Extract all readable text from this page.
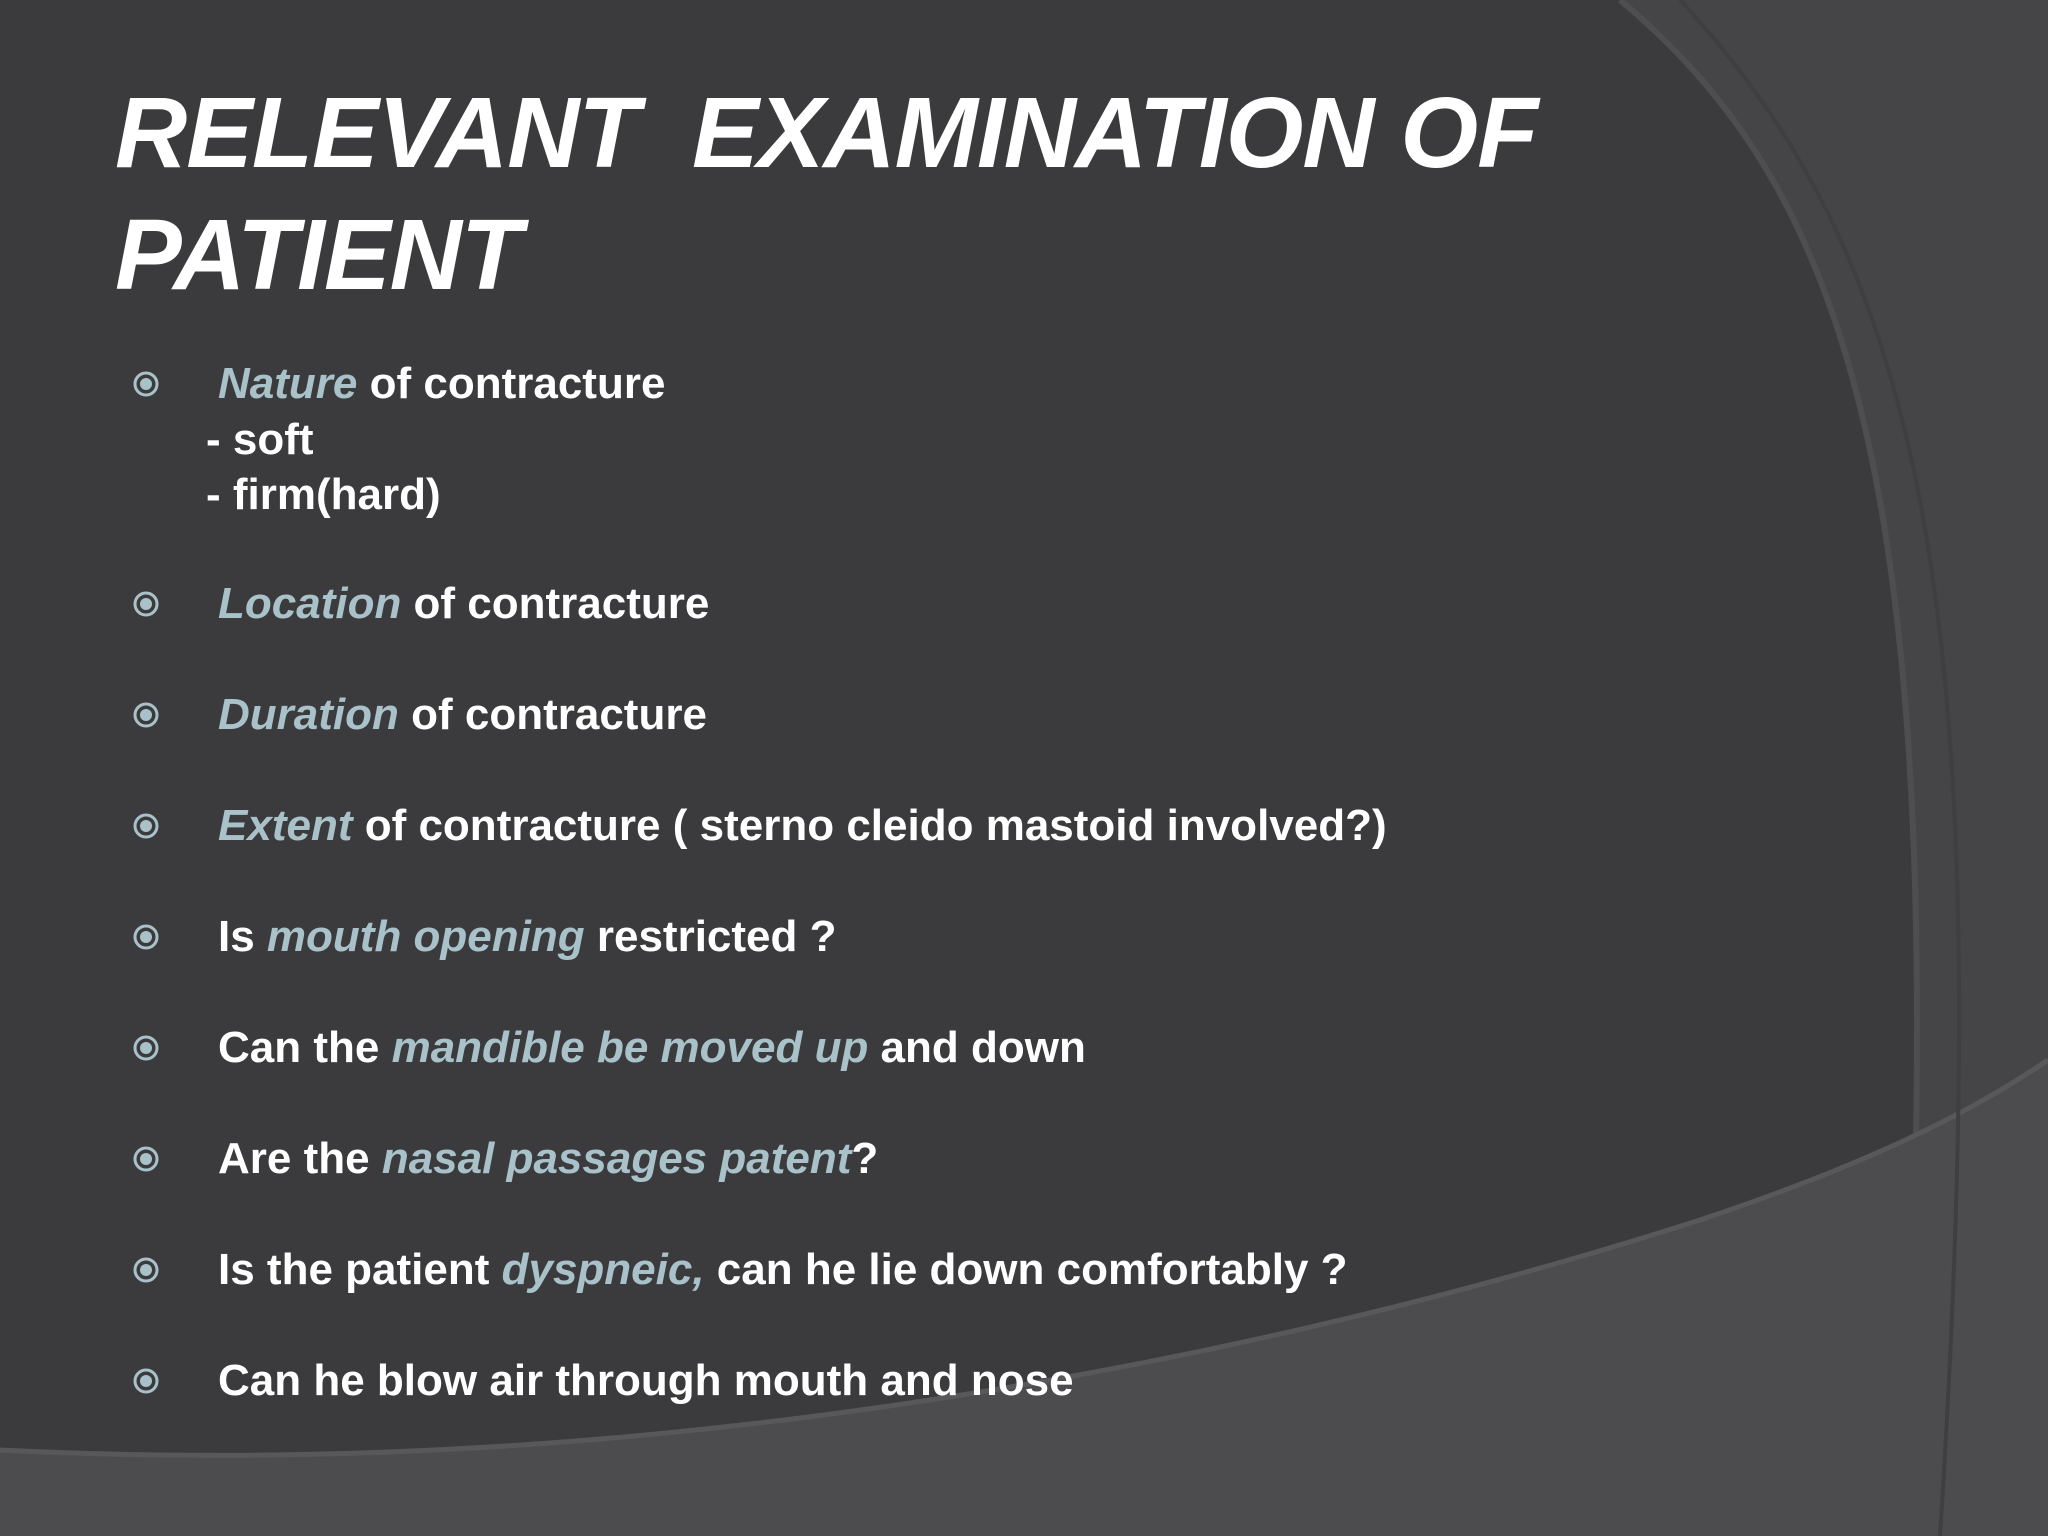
RELEVANT  EXAMINATION OF
PATIENT
Nature of contracture
- soft
- firm(hard)
Location of contracture
Duration of contracture
Extent of contracture ( sterno cleido mastoid involved?)
Is mouth opening restricted ?
Can the mandible be moved up and down
Are the nasal passages patent?
Is the patient dyspneic, can he lie down comfortably ?
Can he blow air through mouth and nose
